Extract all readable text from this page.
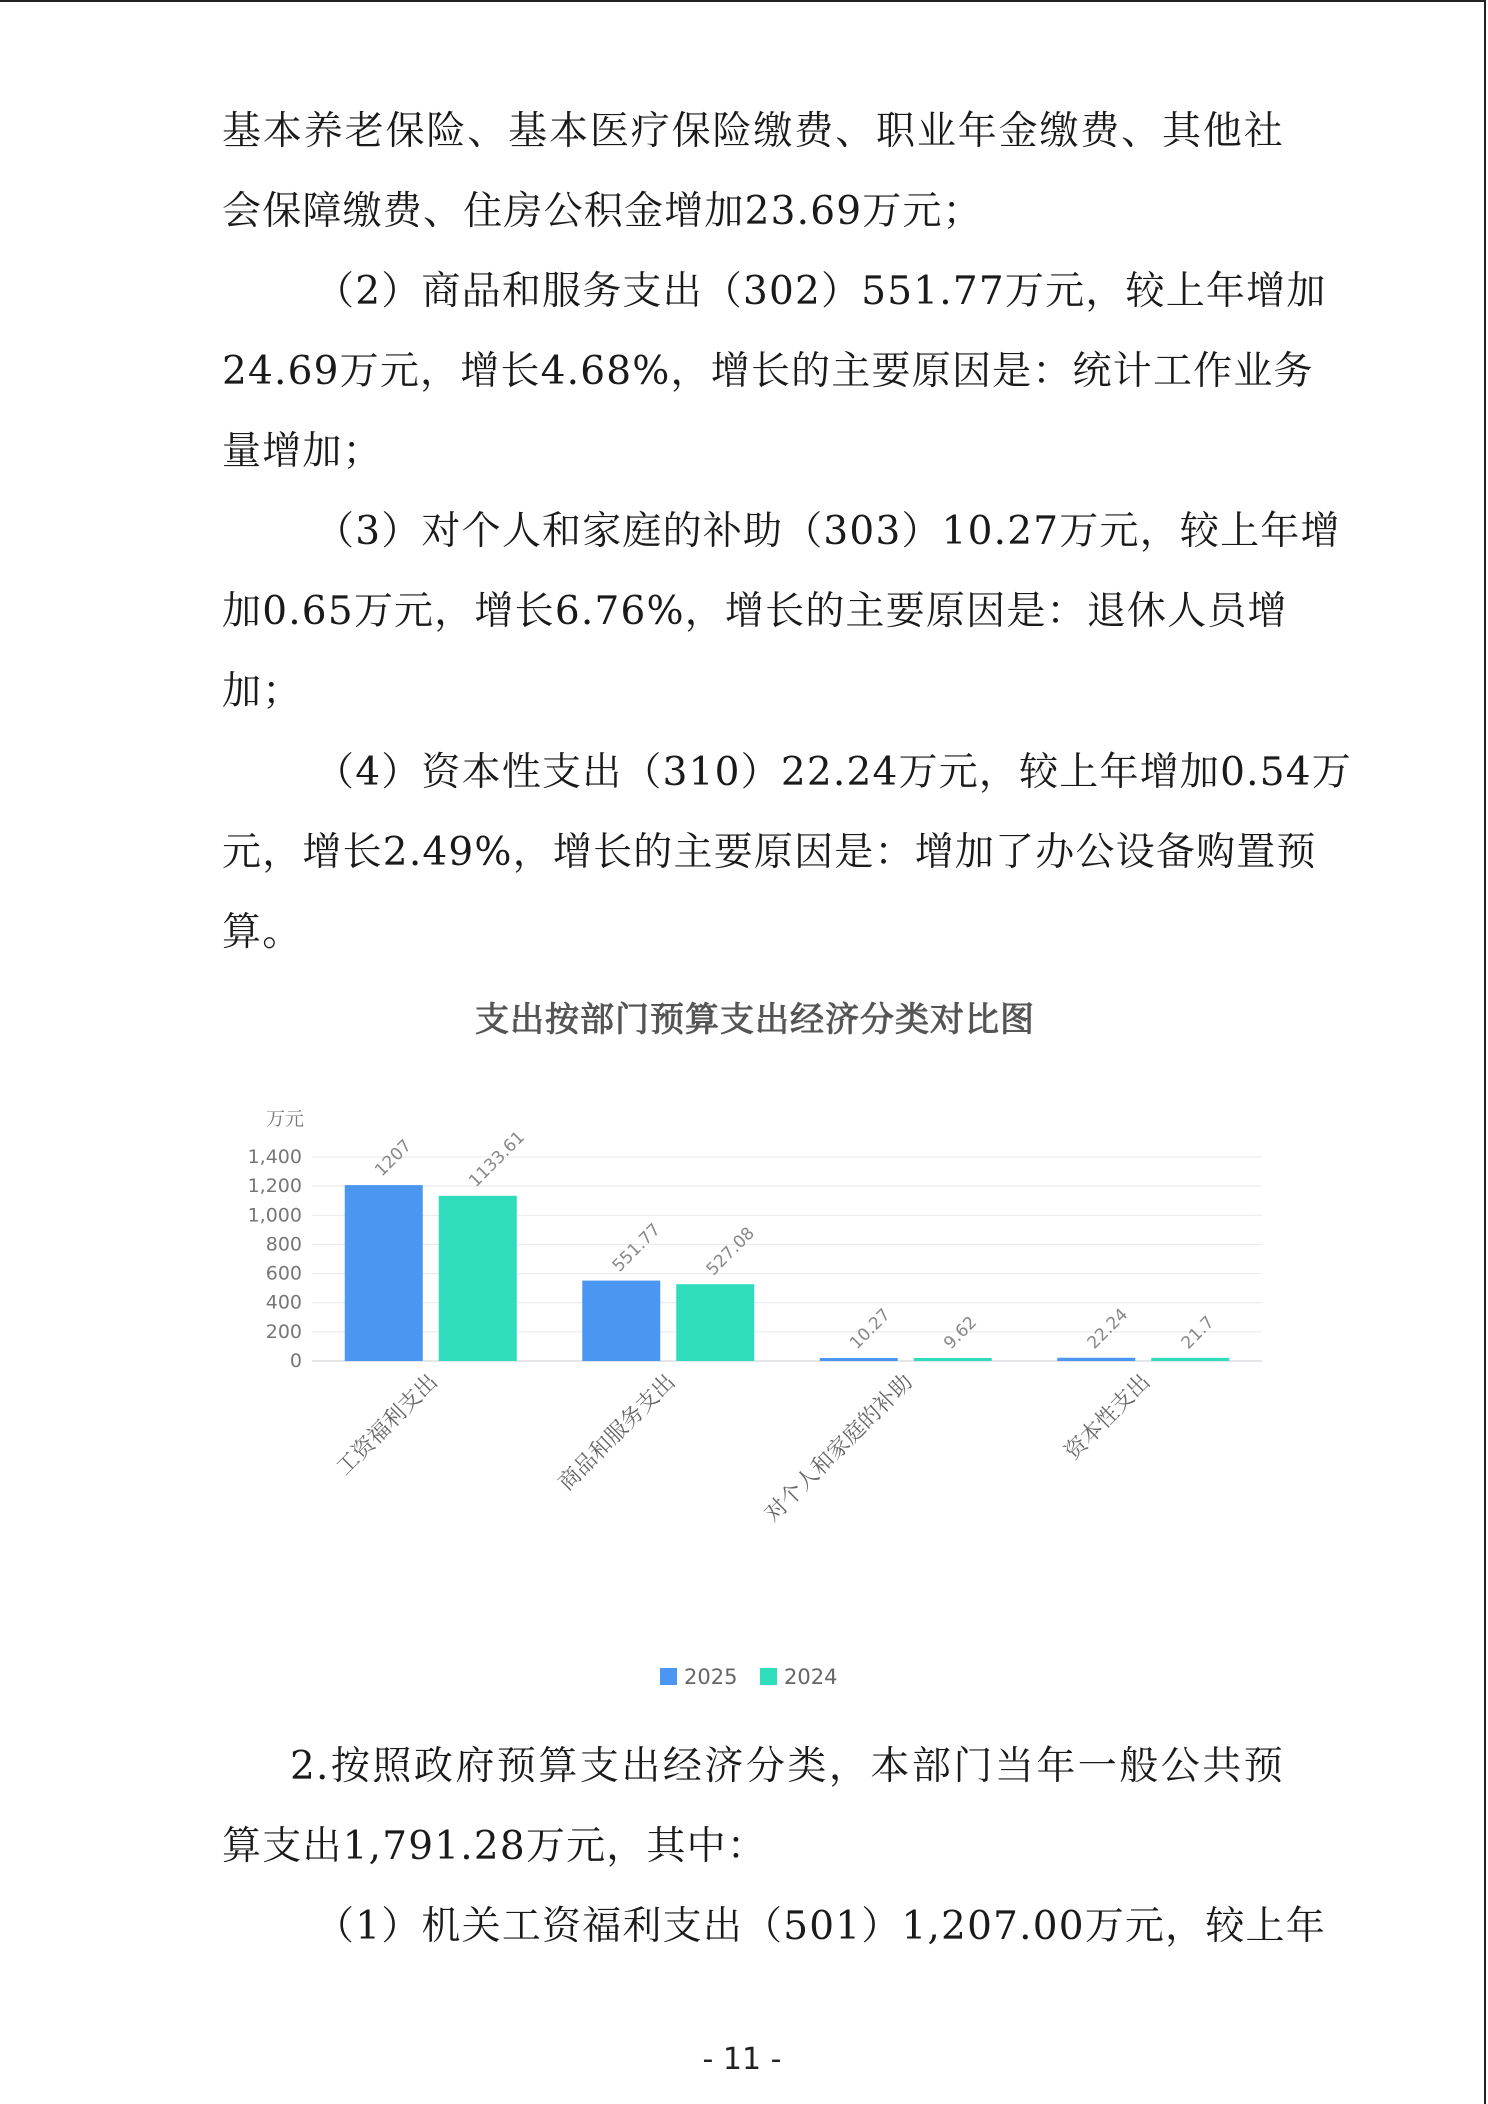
基本养老保险、基本医疗保险缴费、职业年金缴费、其他社
会保障缴费、住房公积金增加23.69万元；
（2）商品和服务支出（302）551.77万元，较上年增加
24.69万元，增长4.68%，增长的主要原因是：统计工作业务
量增加；
（3）对个人和家庭的补助（303）10.27万元，较上年增
加0.65万元，增长6.76%，增长的主要原因是：退休人员增
加；
（4）资本性支出（310）22.24万元，较上年增加0.54万
元，增长2.49%，增长的主要原因是：增加了办公设备购置预
算。
支出按部门预算支出经济分类对比图
0
200
400
600
800
1,000
1,200
1,400
万元
1207	1133.61
工资福利支出
551.77 527.08
商品和服务支出
10.27	9.62
对个人和家庭的补助
22.24	21.7
资本性支出
2025 2024
2.按照政府预算支出经济分类，本部门当年一般公共预
算支出1,791.28万元，其中：
（1）机关工资福利支出（501）1,207.00万元，较上年
- 11 -
